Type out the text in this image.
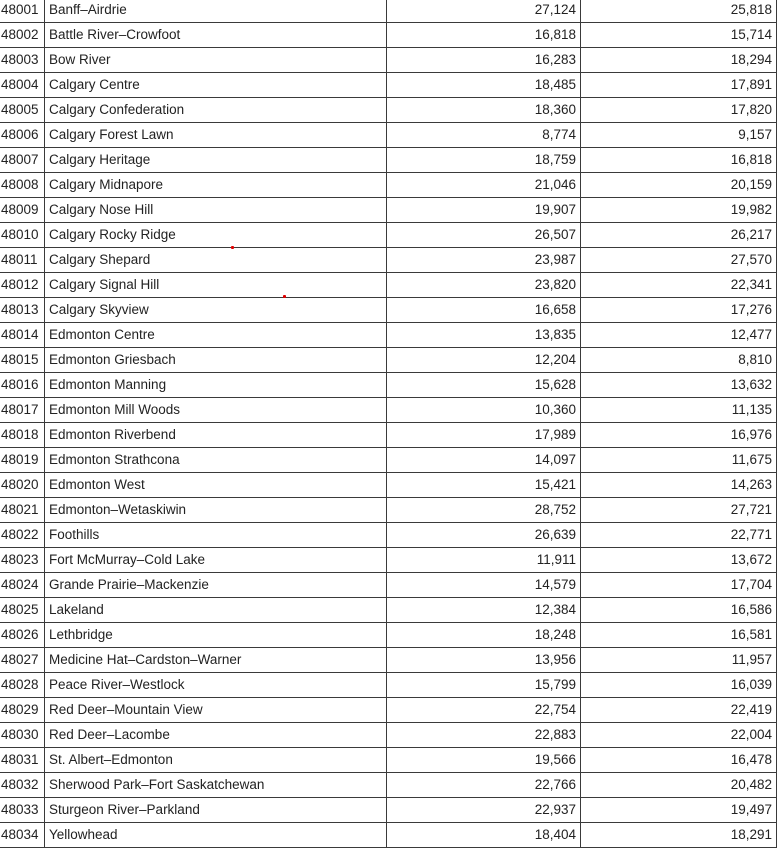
48001	Banff–Airdrie	27,124	25,818
48002	Battle River–Crowfoot	16,818	15,714
48003	Bow River	16,283	18,294
48004	Calgary Centre	18,485	17,891
48005	Calgary Confederation	18,360	17,820
48006	Calgary Forest Lawn	8,774	9,157
48007	Calgary Heritage	18,759	16,818
48008	Calgary Midnapore	21,046	20,159
48009	Calgary Nose Hill	19,907	19,982
48010	Calgary Rocky Ridge	26,507	26,217
48011	Calgary Shepard	23,987	27,570
48012	Calgary Signal Hill	23,820	22,341
48013	Calgary Skyview	16,658	17,276
48014	Edmonton Centre	13,835	12,477
48015	Edmonton Griesbach	12,204	8,810
48016	Edmonton Manning	15,628	13,632
48017	Edmonton Mill Woods	10,360	11,135
48018	Edmonton Riverbend	17,989	16,976
48019	Edmonton Strathcona	14,097	11,675
48020	Edmonton West	15,421	14,263
48021	Edmonton–Wetaskiwin	28,752	27,721
48022	Foothills	26,639	22,771
48023	Fort McMurray–Cold Lake	11,911	13,672
48024	Grande Prairie–Mackenzie	14,579	17,704
48025	Lakeland	12,384	16,586
48026	Lethbridge	18,248	16,581
48027	Medicine Hat–Cardston–Warner	13,956	11,957
48028	Peace River–Westlock	15,799	16,039
48029	Red Deer–Mountain View	22,754	22,419
48030	Red Deer–Lacombe	22,883	22,004
48031	St. Albert–Edmonton	19,566	16,478
48032	Sherwood Park–Fort Saskatchewan	22,766	20,482
48033	Sturgeon River–Parkland	22,937	19,497
48034	Yellowhead	18,404	18,291
